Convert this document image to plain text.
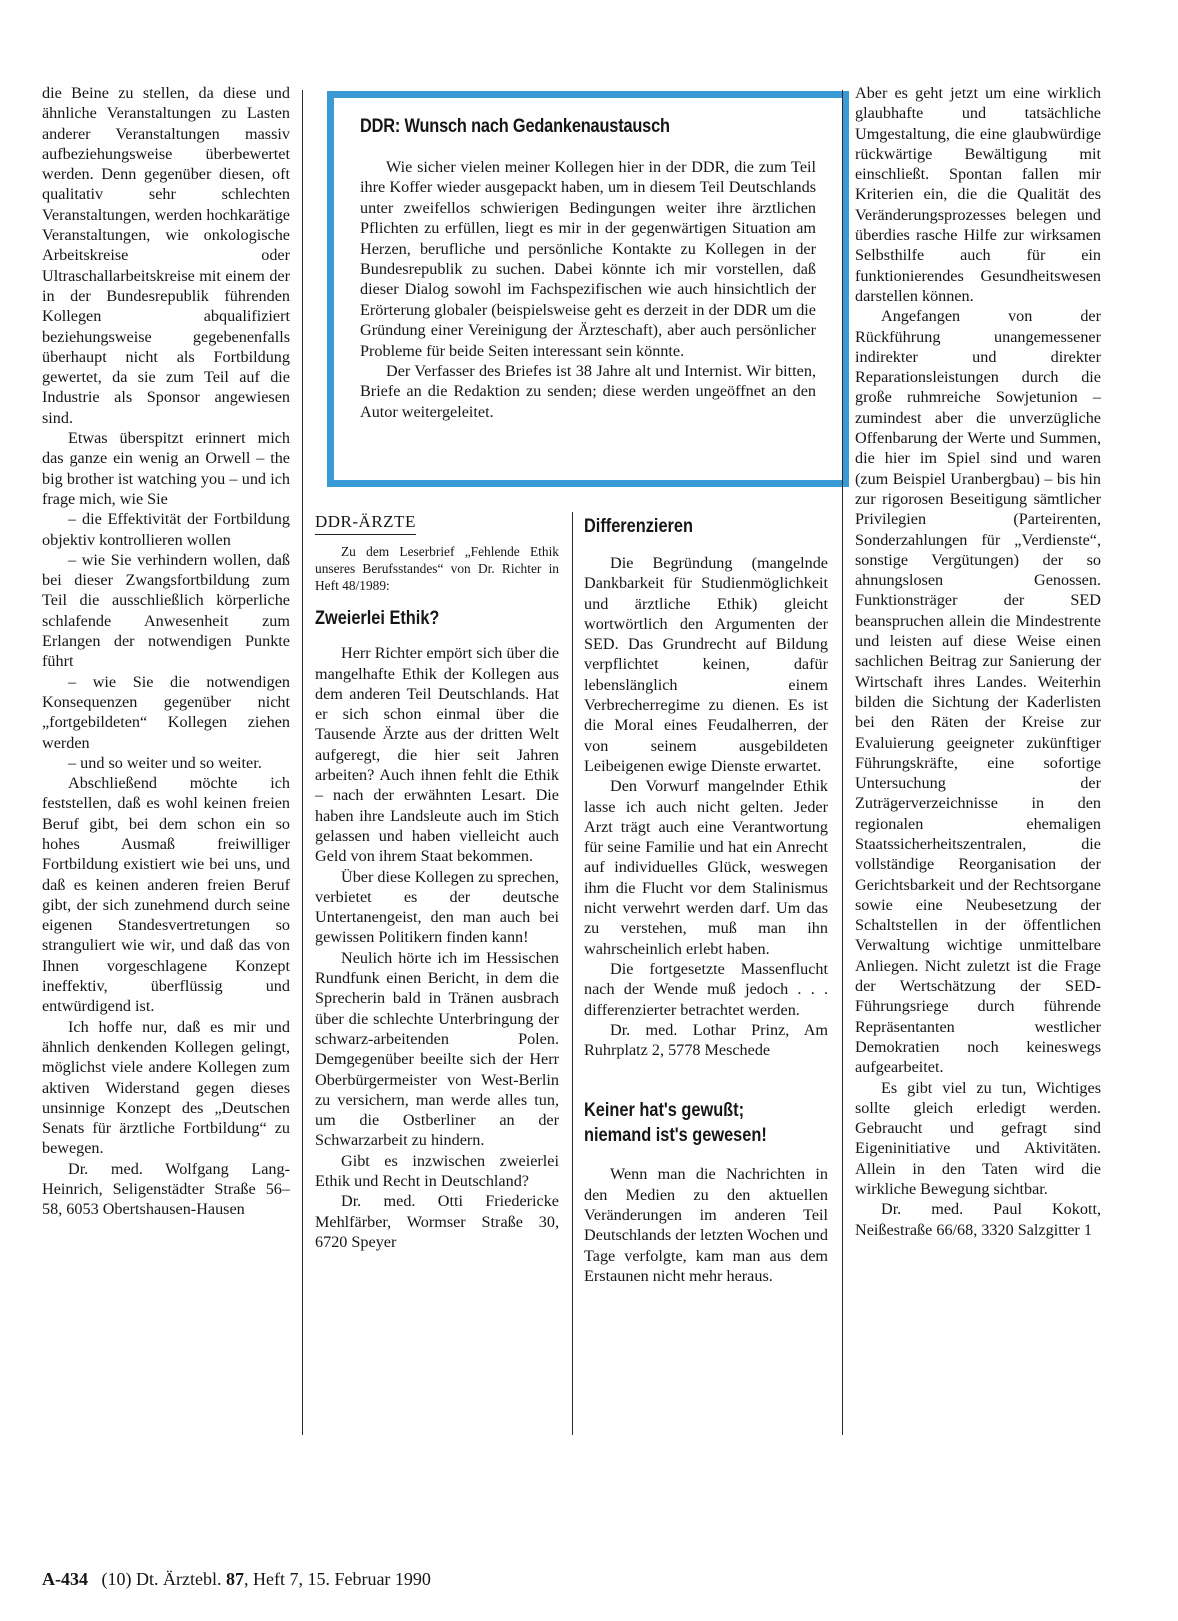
die Beine zu stellen, da diese und ähnliche Veranstaltungen zu Lasten anderer Veranstaltungen massiv aufbeziehungsweise überbewertet werden. Denn gegenüber diesen, oft qualitativ sehr schlechten Veranstaltungen, werden hochkarätige Veranstaltungen, wie onkologische Arbeitskreise oder Ultraschallarbeitskreise mit einem der in der Bundesrepublik führenden Kollegen abqualifiziert beziehungsweise gegebenenfalls überhaupt nicht als Fortbildung gewertet, da sie zum Teil auf die Industrie als Sponsor angewiesen sind.

Etwas überspitzt erinnert mich das ganze ein wenig an Orwell – the big brother ist watching you – und ich frage mich, wie Sie

– die Effektivität der Fortbildung objektiv kontrollieren wollen

– wie Sie verhindern wollen, daß bei dieser Zwangsfortbildung zum Teil die ausschließlich körperliche schlafende Anwesenheit zum Erlangen der notwendigen Punkte führt

– wie Sie die notwendigen Konsequenzen gegenüber nicht „fortgebildeten“ Kollegen ziehen werden

– und so weiter und so weiter.

Abschließend möchte ich feststellen, daß es wohl keinen freien Beruf gibt, bei dem schon ein so hohes Ausmaß freiwilliger Fortbildung existiert wie bei uns, und daß es keinen anderen freien Beruf gibt, der sich zunehmend durch seine eigenen Standesvertretungen so stranguliert wie wir, und daß das von Ihnen vorgeschlagene Konzept ineffektiv, überflüssig und entwürdigend ist.

Ich hoffe nur, daß es mir und ähnlich denkenden Kollegen gelingt, möglichst viele andere Kollegen zum aktiven Widerstand gegen dieses unsinnige Konzept des „Deutschen Senats für ärztliche Fortbildung“ zu bewegen.

Dr. med. Wolfgang Lang-Heinrich, Seligenstädter Straße 56–58, 6053 Obertshausen-Hausen

DDR: Wunsch nach Gedankenaustausch

Wie sicher vielen meiner Kollegen hier in der DDR, die zum Teil ihre Koffer wieder ausgepackt haben, um in diesem Teil Deutschlands unter zweifellos schwierigen Bedingungen weiter ihre ärztlichen Pflichten zu erfüllen, liegt es mir in der gegenwärtigen Situation am Herzen, berufliche und persönliche Kontakte zu Kollegen in der Bundesrepublik zu suchen. Dabei könnte ich mir vorstellen, daß dieser Dialog sowohl im Fachspezifischen wie auch hinsichtlich der Erörterung globaler (beispielsweise geht es derzeit in der DDR um die Gründung einer Vereinigung der Ärzteschaft), aber auch persönlicher Probleme für beide Seiten interessant sein könnte.

Der Verfasser des Briefes ist 38 Jahre alt und Internist. Wir bitten, Briefe an die Redaktion zu senden; diese werden ungeöffnet an den Autor weitergeleitet.

DDR-ÄRZTE

Zu dem Leserbrief „Fehlende Ethik unseres Berufsstandes“ von Dr. Richter in Heft 48/1989:

Zweierlei Ethik?

Herr Richter empört sich über die mangelhafte Ethik der Kollegen aus dem anderen Teil Deutschlands. Hat er sich schon einmal über die Tausende Ärzte aus der dritten Welt aufgeregt, die hier seit Jahren arbeiten? Auch ihnen fehlt die Ethik – nach der erwähnten Lesart. Die haben ihre Landsleute auch im Stich gelassen und haben vielleicht auch Geld von ihrem Staat bekommen.

Über diese Kollegen zu sprechen, verbietet es der deutsche Untertanengeist, den man auch bei gewissen Politikern finden kann!

Neulich hörte ich im Hessischen Rundfunk einen Bericht, in dem die Sprecherin bald in Tränen ausbrach über die schlechte Unterbringung der schwarz-arbeitenden Polen. Demgegenüber beeilte sich der Herr Oberbürgermeister von West-Berlin zu versichern, man werde alles tun, um die Ostberliner an der Schwarzarbeit zu hindern.

Gibt es inzwischen zweierlei Ethik und Recht in Deutschland?

Dr. med. Otti Friedericke Mehlfärber, Wormser Straße 30, 6720 Speyer

Differenzieren

Die Begründung (mangelnde Dankbarkeit für Studienmöglichkeit und ärztliche Ethik) gleicht wortwörtlich den Argumenten der SED. Das Grundrecht auf Bildung verpflichtet keinen, dafür lebenslänglich einem Verbrecherregime zu dienen. Es ist die Moral eines Feudalherren, der von seinem ausgebildeten Leibeigenen ewige Dienste erwartet.

Den Vorwurf mangelnder Ethik lasse ich auch nicht gelten. Jeder Arzt trägt auch eine Verantwortung für seine Familie und hat ein Anrecht auf individuelles Glück, weswegen ihm die Flucht vor dem Stalinismus nicht verwehrt werden darf. Um das zu verstehen, muß man ihn wahrscheinlich erlebt haben.

Die fortgesetzte Massenflucht nach der Wende muß jedoch . . . differenzierter betrachtet werden.

Dr. med. Lothar Prinz, Am Ruhrplatz 2, 5778 Meschede

Keiner hat's gewußt;
niemand ist's gewesen!

Wenn man die Nachrichten in den Medien zu den aktuellen Veränderungen im anderen Teil Deutschlands der letzten Wochen und Tage verfolgte, kam man aus dem Erstaunen nicht mehr heraus.

Aber es geht jetzt um eine wirklich glaubhafte und tatsächliche Umgestaltung, die eine glaubwürdige rückwärtige Bewältigung mit einschließt. Spontan fallen mir Kriterien ein, die die Qualität des Veränderungsprozesses belegen und überdies rasche Hilfe zur wirksamen Selbsthilfe auch für ein funktionierendes Gesundheitswesen darstellen können.

Angefangen von der Rückführung unangemessener indirekter und direkter Reparationsleistungen durch die große ruhmreiche Sowjetunion – zumindest aber die unverzügliche Offenbarung der Werte und Summen, die hier im Spiel sind und waren (zum Beispiel Uranbergbau) – bis hin zur rigorosen Beseitigung sämtlicher Privilegien (Parteirenten, Sonderzahlungen für „Verdienste“, sonstige Vergütungen) der so ahnungslosen Genossen. Funktionsträger der SED beanspruchen allein die Mindestrente und leisten auf diese Weise einen sachlichen Beitrag zur Sanierung der Wirtschaft ihres Landes. Weiterhin bilden die Sichtung der Kaderlisten bei den Räten der Kreise zur Evaluierung geeigneter zukünftiger Führungskräfte, eine sofortige Untersuchung der Zuträgerverzeichnisse in den regionalen ehemaligen Staatssicherheitszentralen, die vollständige Reorganisation der Gerichtsbarkeit und der Rechtsorgane sowie eine Neubesetzung der Schaltstellen in der öffentlichen Verwaltung wichtige unmittelbare Anliegen. Nicht zuletzt ist die Frage der Wertschätzung der SED-Führungsriege durch führende Repräsentanten westlicher Demokratien noch keineswegs aufgearbeitet.

Es gibt viel zu tun, Wichtiges sollte gleich erledigt werden. Gebraucht und gefragt sind Eigeninitiative und Aktivitäten. Allein in den Taten wird die wirkliche Bewegung sichtbar.

Dr. med. Paul Kokott, Neißestraße 66/68, 3320 Salzgitter 1

A-434 (10) Dt. Ärztebl. 87, Heft 7, 15. Februar 1990
